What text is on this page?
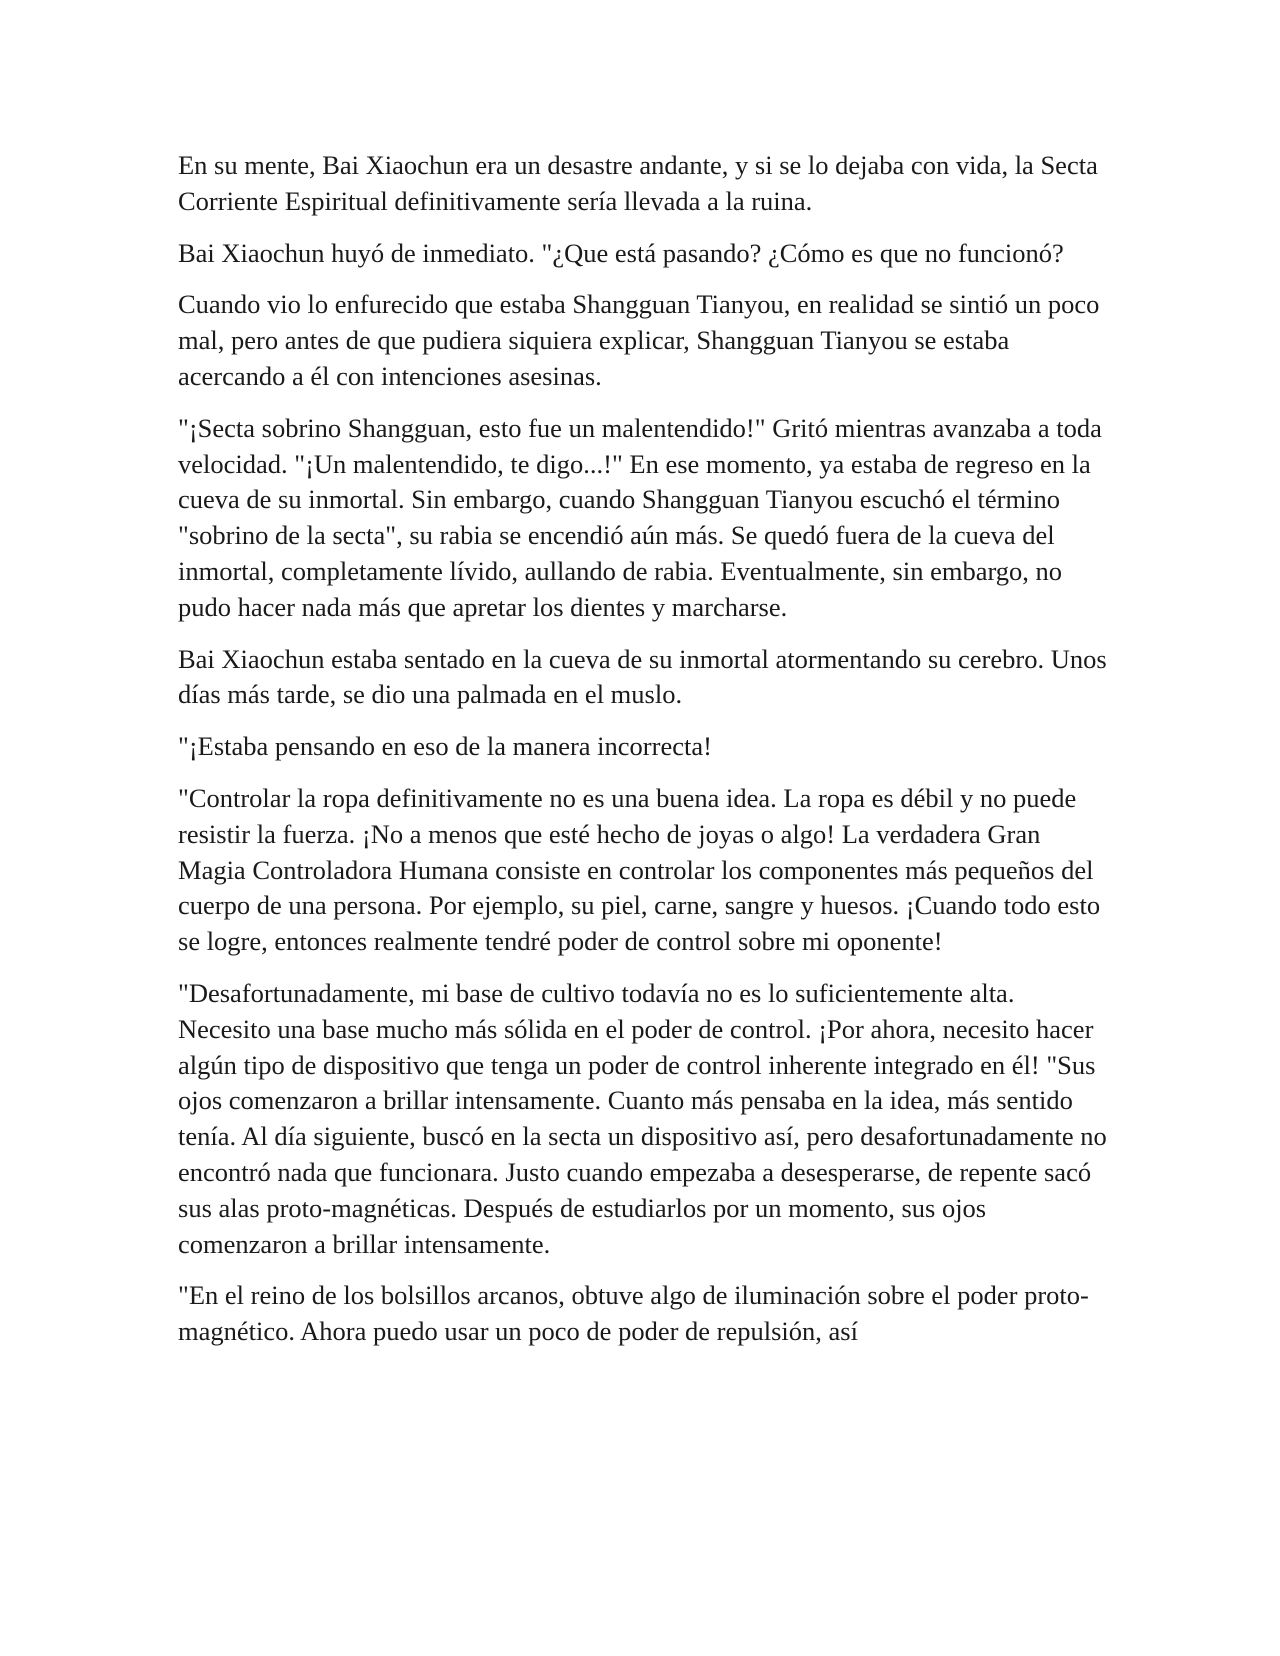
En su mente, Bai Xiaochun era un desastre andante, y si se lo dejaba con vida, la Secta Corriente Espiritual definitivamente sería llevada a la ruina.

Bai Xiaochun huyó de inmediato. "¿Que está pasando? ¿Cómo es que no funcionó?

Cuando vio lo enfurecido que estaba Shangguan Tianyou, en realidad se sintió un poco mal, pero antes de que pudiera siquiera explicar, Shangguan Tianyou se estaba acercando a él con intenciones asesinas.

"¡Secta sobrino Shangguan, esto fue un malentendido!" Gritó mientras avanzaba a toda velocidad. "¡Un malentendido, te digo...!" En ese momento, ya estaba de regreso en la cueva de su inmortal. Sin embargo, cuando Shangguan Tianyou escuchó el término "sobrino de la secta", su rabia se encendió aún más. Se quedó fuera de la cueva del inmortal, completamente lívido, aullando de rabia. Eventualmente, sin embargo, no pudo hacer nada más que apretar los dientes y marcharse.

Bai Xiaochun estaba sentado en la cueva de su inmortal atormentando su cerebro. Unos días más tarde, se dio una palmada en el muslo.

"¡Estaba pensando en eso de la manera incorrecta!

"Controlar la ropa definitivamente no es una buena idea. La ropa es débil y no puede resistir la fuerza. ¡No a menos que esté hecho de joyas o algo! La verdadera Gran Magia Controladora Humana consiste en controlar los componentes más pequeños del cuerpo de una persona. Por ejemplo, su piel, carne, sangre y huesos. ¡Cuando todo esto se logre, entonces realmente tendré poder de control sobre mi oponente!

"Desafortunadamente, mi base de cultivo todavía no es lo suficientemente alta. Necesito una base mucho más sólida en el poder de control. ¡Por ahora, necesito hacer algún tipo de dispositivo que tenga un poder de control inherente integrado en él! "Sus ojos comenzaron a brillar intensamente. Cuanto más pensaba en la idea, más sentido tenía. Al día siguiente, buscó en la secta un dispositivo así, pero desafortunadamente no encontró nada que funcionara. Justo cuando empezaba a desesperarse, de repente sacó sus alas proto-magnéticas. Después de estudiarlos por un momento, sus ojos comenzaron a brillar intensamente.

"En el reino de los bolsillos arcanos, obtuve algo de iluminación sobre el poder proto-magnético. Ahora puedo usar un poco de poder de repulsión, así
